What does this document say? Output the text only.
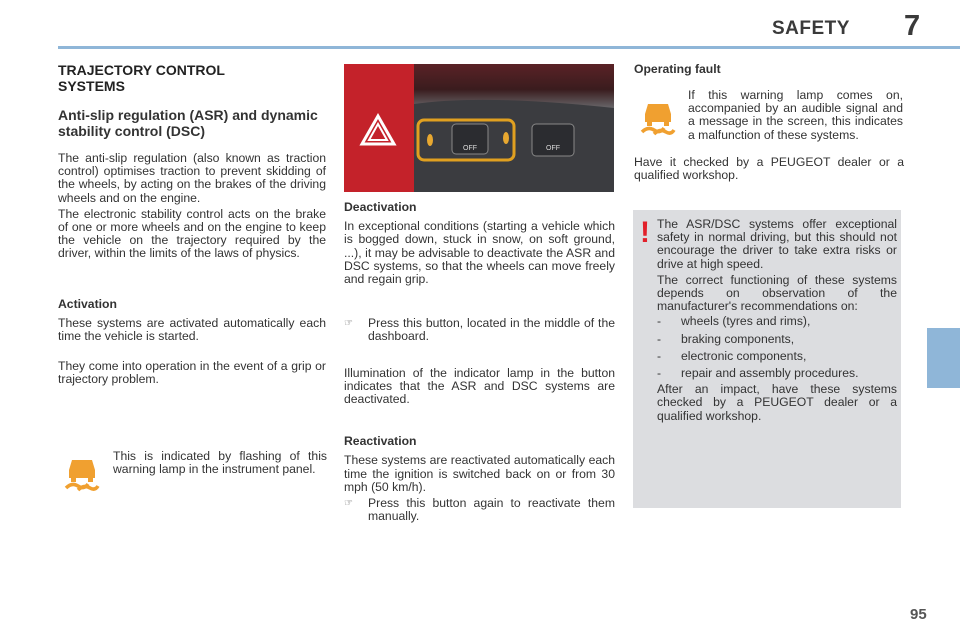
SAFETY 7
95
TRAJECTORY CONTROL SYSTEMS
Anti-slip regulation (ASR) and dynamic stability control (DSC)

The anti-slip regulation (also known as traction control) optimises traction to prevent skidding of the wheels, by acting on the brakes of the driving wheels and on the engine.

The electronic stability control acts on the brake of one or more wheels and on the engine to keep the vehicle on the trajectory required by the driver, within the limits of the laws of physics.

Activation

These systems are activated automatically each time the vehicle is started.

They come into operation in the event of a grip or trajectory problem.

This is indicated by flashing of this warning lamp in the instrument panel.

OFF	OFF
Deactivation

In exceptional conditions (starting a vehicle which is bogged down, stuck in snow, on soft ground, ...), it may be advisable to deactivate the ASR and DSC systems, so that the wheels can move freely and regain grip.

☞	Press this button, located in the middle of the dashboard.

Illumination of the indicator lamp in the button indicates that the ASR and DSC systems are deactivated.

Reactivation

These systems are reactivated automatically each time the ignition is switched back on or from 30 mph (50 km/h).

☞	Press this button again to reactivate them manually.
Operating fault

If this warning lamp comes on, accompanied by an audible signal and a message in the screen, this indicates a malfunction of these systems.

Have it checked by a PEUGEOT dealer or a qualified workshop.

! The ASR/DSC systems offer exceptional safety in normal driving, but this should not encourage the driver to take extra risks or drive at high speed.

The correct functioning of these systems depends on observation of the manufacturer's recommendations on:

-	wheels (tyres and rims),
-	braking components,
-	electronic components,
-	repair and assembly procedures.

After an impact, have these systems checked by a PEUGEOT dealer or a qualified workshop.
